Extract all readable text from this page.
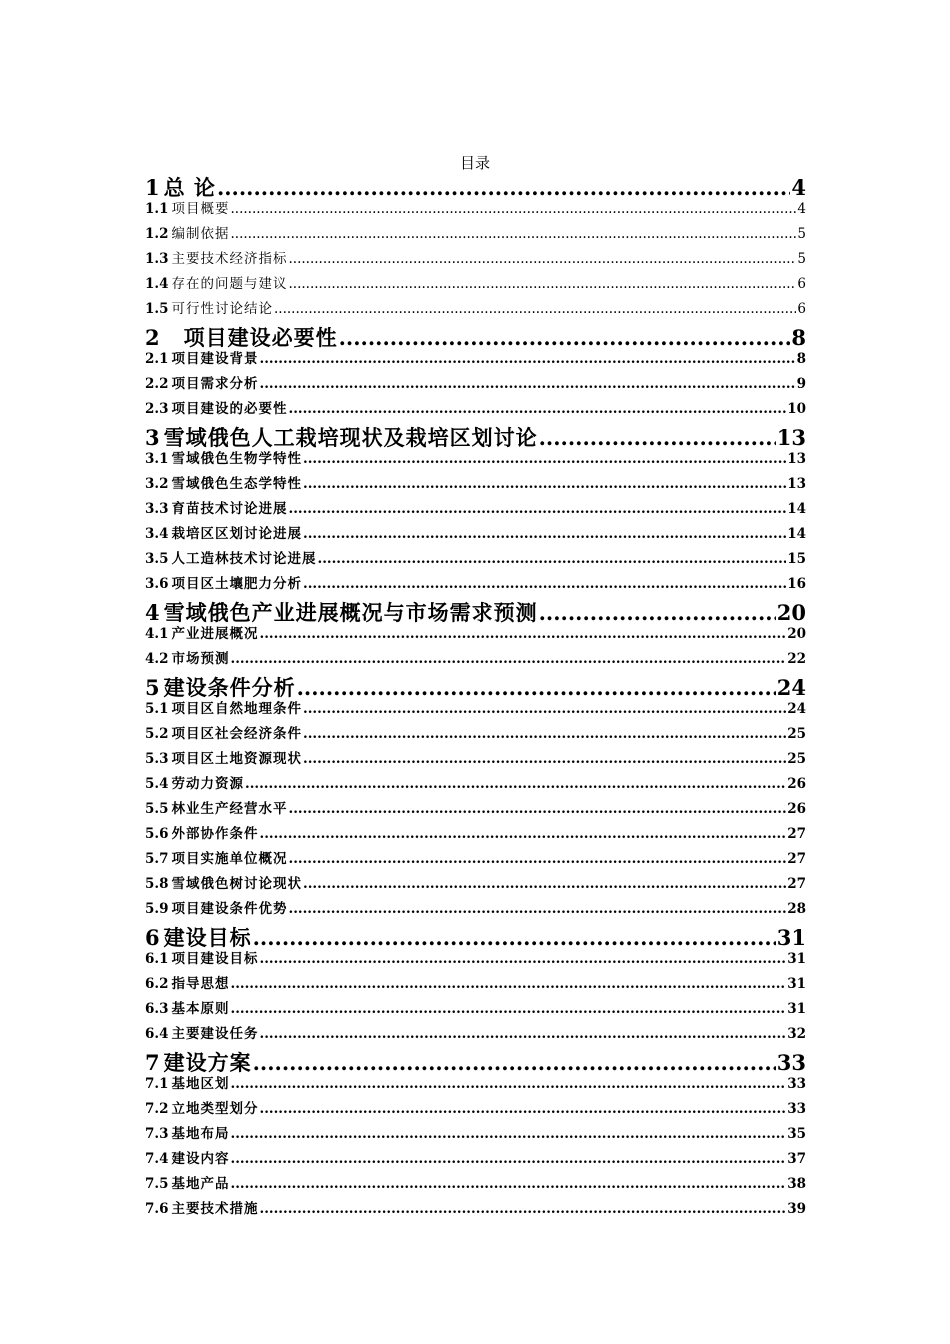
目录
1 总 论 .....	4
1.1 项目概要 .....	4
1.2 编制依据 .....	5
1.3 主要技术经济指标 .....	5
1.4 存在的问题与建议 .....	6
1.5 可行性讨论结论 .....	6
2 项目建设必要性 .....	8
2.1 项目建设背景 .....	8
2.2 项目需求分析 .....	9
2.3 项目建设的必要性 .....	10
3 雪域俄色人工栽培现状及栽培区划讨论 .....	13
3.1 雪域俄色生物学特性 .....	13
3.2 雪域俄色生态学特性 .....	13
3.3 育苗技术讨论进展 .....	14
3.4 栽培区区划讨论进展 .....	14
3.5 人工造林技术讨论进展 .....	15
3.6 项目区土壤肥力分析 .....	16
4 雪域俄色产业进展概况与市场需求预测 .....	20
4.1 产业进展概况 .....	20
4.2 市场预测 .....	22
5 建设条件分析 .....	24
5.1 项目区自然地理条件 .....	24
5.2 项目区社会经济条件 .....	25
5.3 项目区土地资源现状 .....	25
5.4 劳动力资源 .....	26
5.5 林业生产经营水平 .....	26
5.6 外部协作条件 .....	27
5.7 项目实施单位概况 .....	27
5.8 雪域俄色树讨论现状 .....	27
5.9 项目建设条件优势 .....	28
6 建设目标 .....	31
6.1 项目建设目标 .....	31
6.2 指导思想 .....	31
6.3 基本原则 .....	31
6.4 主要建设任务 .....	32
7 建设方案 .....	33
7.1 基地区划 .....	33
7.2 立地类型划分 .....	33
7.3 基地布局 .....	35
7.4 建设内容 .....	37
7.5 基地产品 .....	38
7.6 主要技术措施 .....	39
